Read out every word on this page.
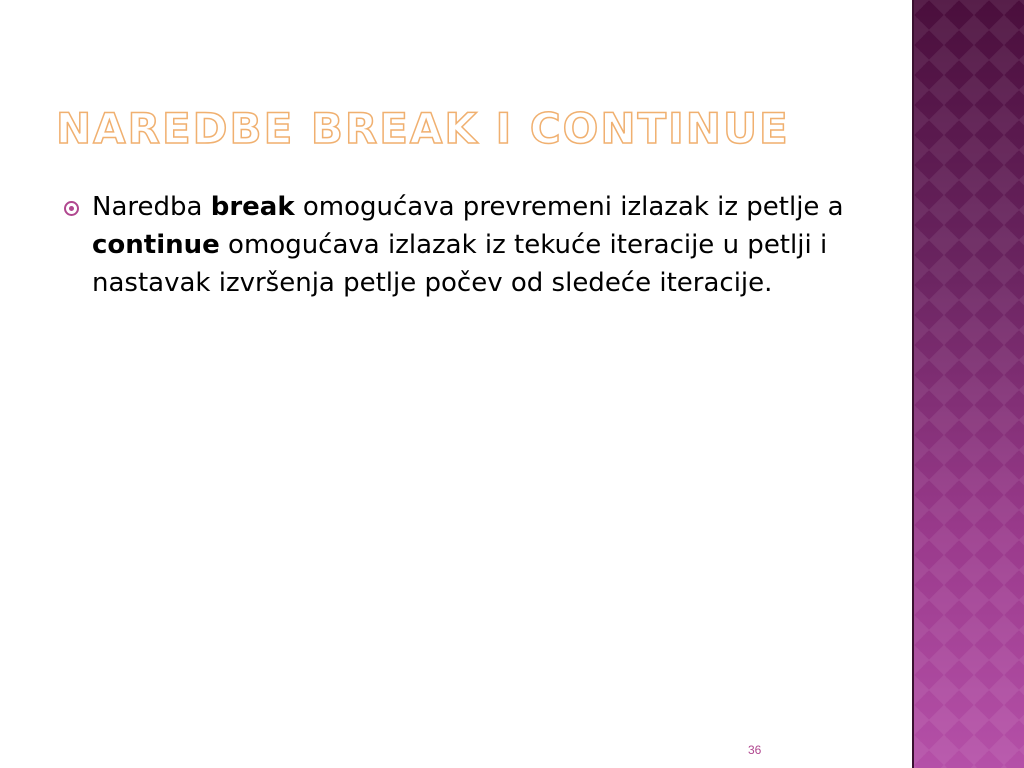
NAREDBE BREAK I CONTINUE

Naredba break omogućava prevremeni izlazak iz petlje a continue omogućava izlazak iz tekuće iteracije u petlji i nastavak izvršenja petlje počev od sledeće iteracije.

36
